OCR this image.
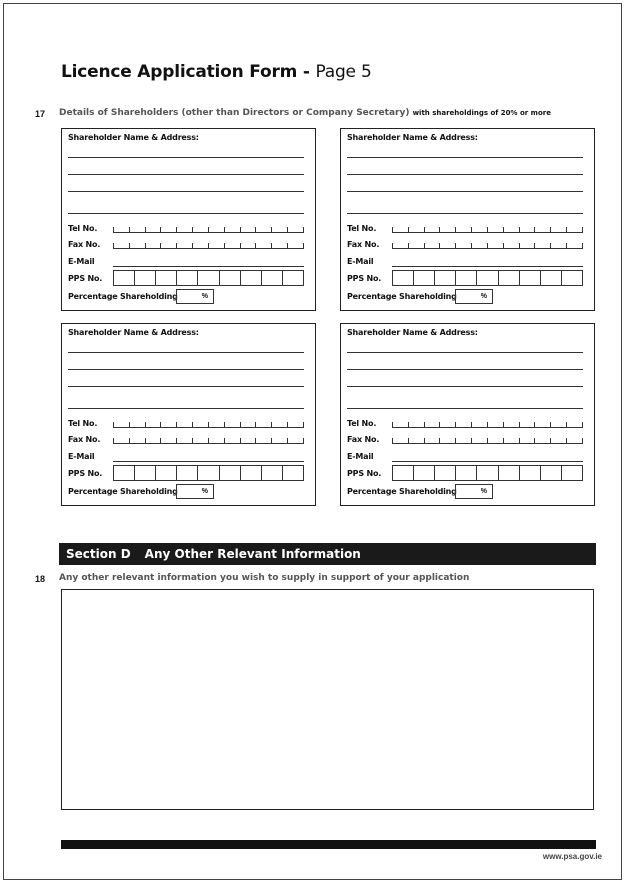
Licence Application Form - Page 5
17 Details of Shareholders (other than Directors or Company Secretary) with shareholdings of 20% or more
Shareholder Name & Address:
Tel No.
Fax No.
E-Mail
PPS No.
Percentage Shareholding	%
Shareholder Name & Address:
Tel No.
Fax No.
E-Mail
PPS No.
Percentage Shareholding	%
Shareholder Name & Address:
Tel No.
Fax No.
E-Mail
PPS No.
Percentage Shareholding	%
Shareholder Name & Address:
Tel No.
Fax No.
E-Mail
PPS No.
Percentage Shareholding	%
Section D Any Other Relevant Information
18 Any other relevant information you wish to supply in support of your application
www.psa.gov.ie
